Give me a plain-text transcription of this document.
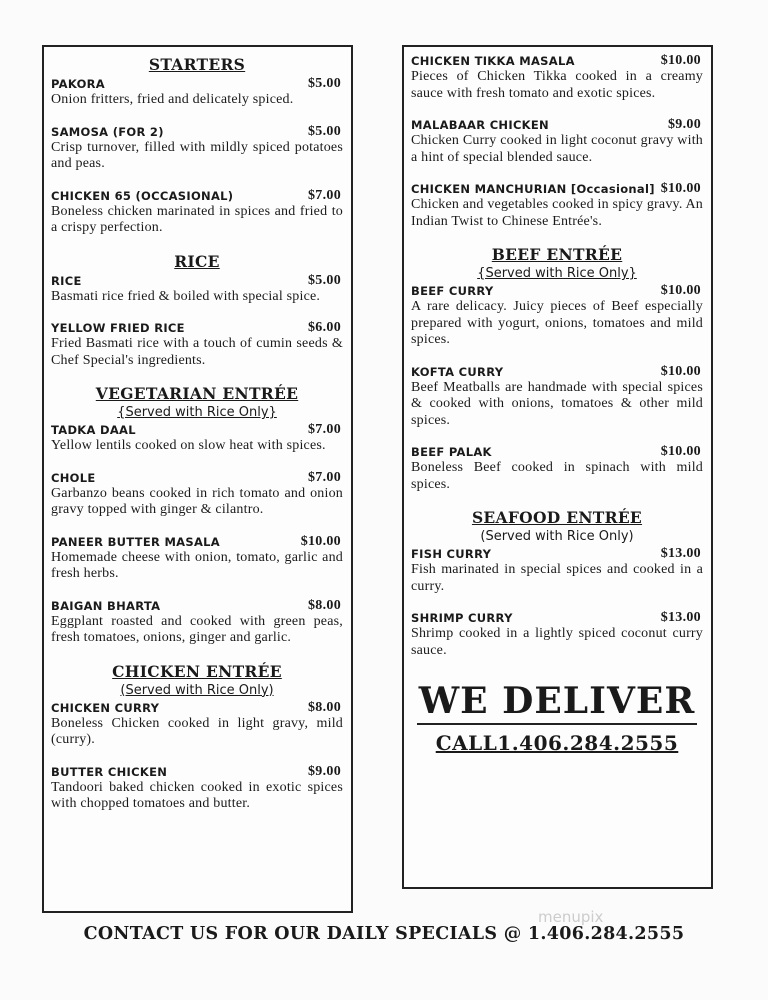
STARTERS
PAKORA	$5.00
Onion fritters, fried and delicately spiced.
SAMOSA (FOR 2)	$5.00
Crisp turnover, filled with mildly spiced potatoes and peas.
CHICKEN 65 (OCCASIONAL)	$7.00
Boneless chicken marinated in spices and fried to a crispy perfection.
RICE
RICE	$5.00
Basmati rice fried & boiled with special spice.
YELLOW FRIED RICE	$6.00
Fried Basmati rice with a touch of cumin seeds & Chef Special's ingredients.
VEGETARIAN ENTRÉE
{Served with Rice Only}
TADKA DAAL	$7.00
Yellow lentils cooked on slow heat with spices.
CHOLE	$7.00
Garbanzo beans cooked in rich tomato and onion gravy topped with ginger & cilantro.
PANEER BUTTER MASALA	$10.00
Homemade cheese with onion, tomato, garlic and fresh herbs.
BAIGAN BHARTA	$8.00
Eggplant roasted and cooked with green peas, fresh tomatoes, onions, ginger and garlic.
CHICKEN ENTRÉE
(Served with Rice Only)
CHICKEN CURRY	$8.00
Boneless Chicken cooked in light gravy, mild (curry).
BUTTER CHICKEN	$9.00
Tandoori baked chicken cooked in exotic spices with chopped tomatoes and butter.
CHICKEN TIKKA MASALA	$10.00
Pieces of Chicken Tikka cooked in a creamy sauce with fresh tomato and exotic spices.
MALABAAR CHICKEN	$9.00
Chicken Curry cooked in light coconut gravy with a hint of special blended sauce.
CHICKEN MANCHURIAN [Occasional] $10.00
Chicken and vegetables cooked in spicy gravy. An Indian Twist to Chinese Entrée's.
BEEF ENTRÉE
{Served with Rice Only}
BEEF CURRY	$10.00
A rare delicacy. Juicy pieces of Beef especially prepared with yogurt, onions, tomatoes and mild spices.
KOFTA CURRY	$10.00
Beef Meatballs are handmade with special spices & cooked with onions, tomatoes & other mild spices.
BEEF PALAK	$10.00
Boneless Beef cooked in spinach with mild spices.
SEAFOOD ENTRÉE
(Served with Rice Only)
FISH CURRY	$13.00
Fish marinated in special spices and cooked in a curry.
SHRIMP CURRY	$13.00
Shrimp cooked in a lightly spiced coconut curry sauce.
WE DELIVER
CALL1.406.284.2555
CONTACT US FOR OUR DAILY SPECIALS @ 1.406.284.2555
menupix
